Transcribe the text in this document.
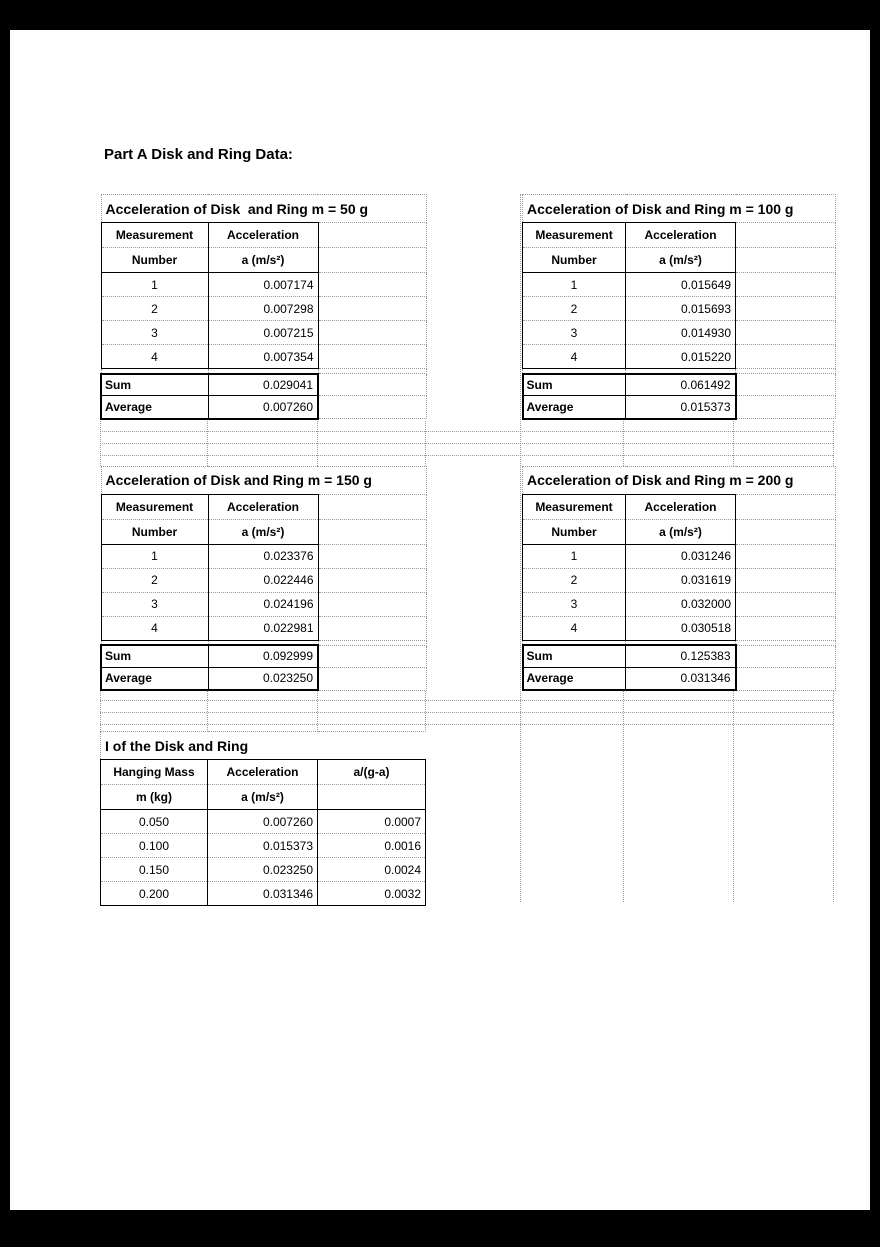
Part A Disk and Ring Data:
Acceleration of Disk  and Ring m = 50 g		
Measurement	Acceleration	
Number	a (m/s²)	
1	0.007174	
2	0.007298	
3	0.007215	
4	0.007354	

Sum	0.029041	
Average	0.007260	
Acceleration of Disk and Ring m = 100 g		
Measurement	Acceleration	
Number	a (m/s²)	
1	0.015649	
2	0.015693	
3	0.014930	
4	0.015220	

Sum	0.061492	
Average	0.015373	
Acceleration of Disk and Ring m = 150 g		
Measurement	Acceleration	
Number	a (m/s²)	
1	0.023376	
2	0.022446	
3	0.024196	
4	0.022981	

Sum	0.092999	
Average	0.023250	
Acceleration of Disk and Ring m = 200 g		
Measurement	Acceleration	
Number	a (m/s²)	
1	0.031246	
2	0.031619	
3	0.032000	
4	0.030518	

Sum	0.125383	
Average	0.031346	
I of the Disk and Ring		
Hanging Mass	Acceleration	a/(g-a)
m (kg)	a (m/s²)	
0.050	0.007260	0.0007
0.100	0.015373	0.0016
0.150	0.023250	0.0024
0.200	0.031346	0.0032
